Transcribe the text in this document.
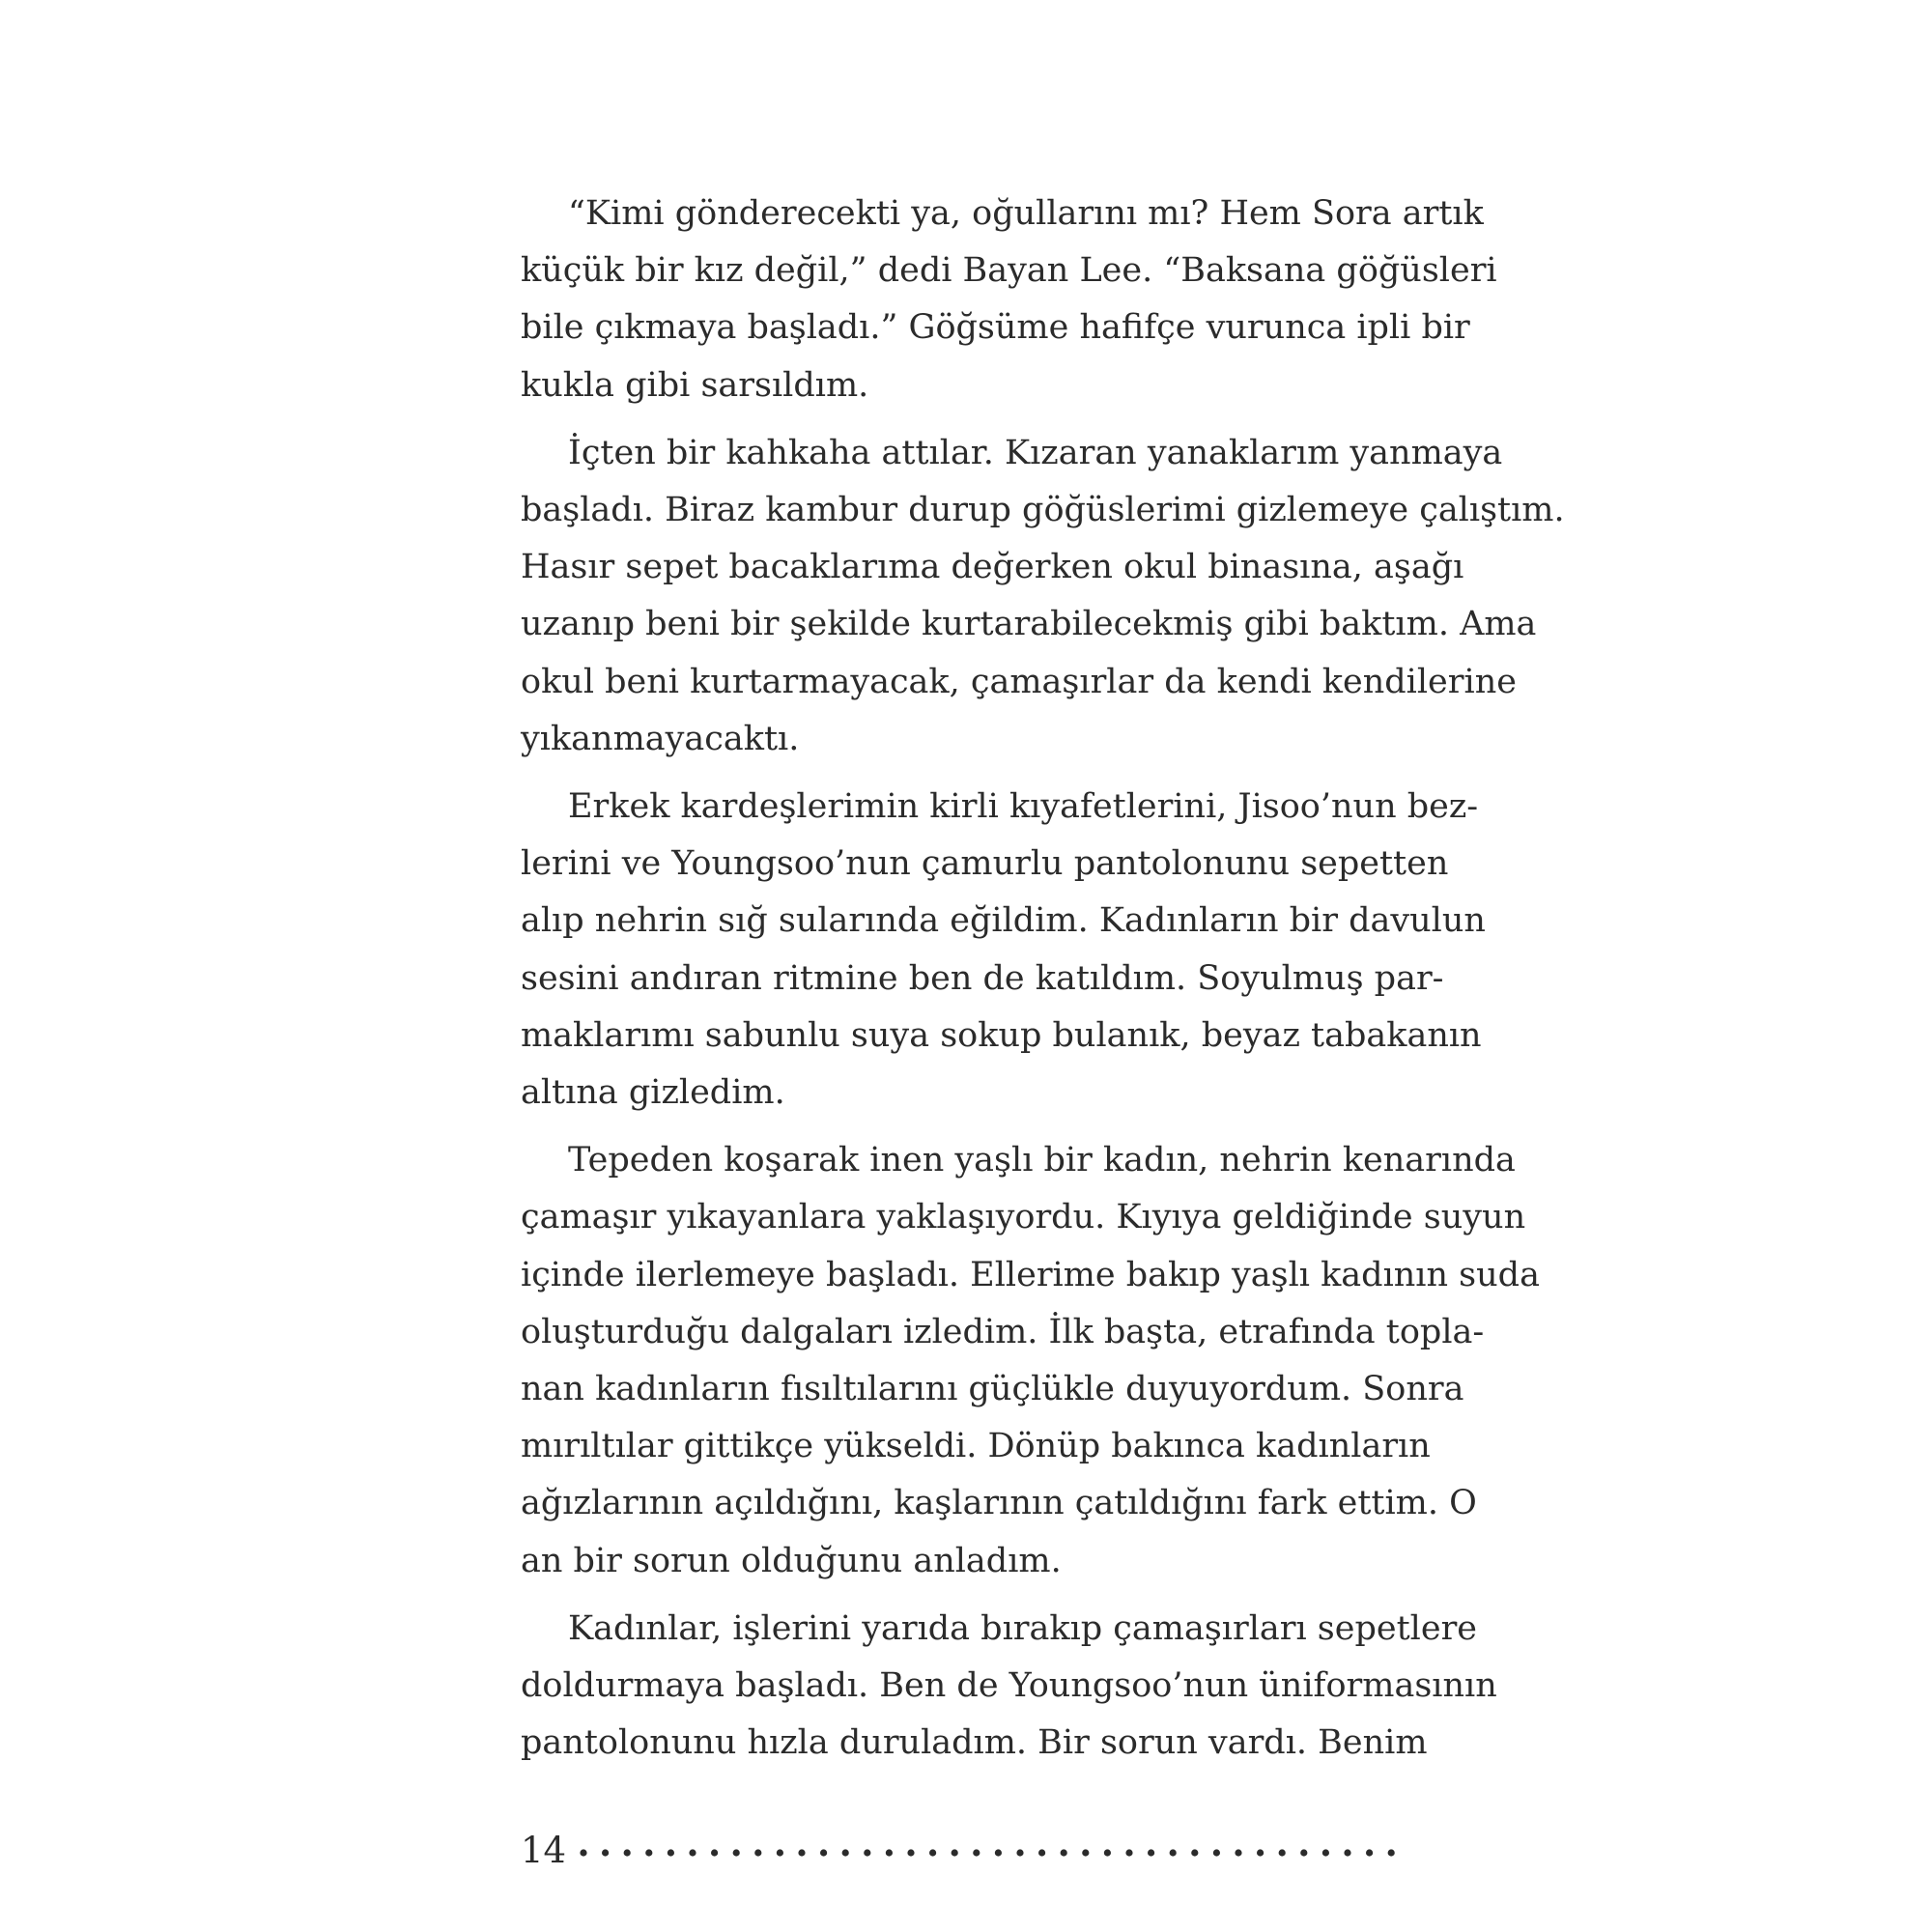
“Kimi gönderecekti ya, oğullarını mı? Hem Sora artık
küçük bir kız değil,” dedi Bayan Lee. “Baksana göğüsleri
bile çıkmaya başladı.” Göğsüme hafifçe vurunca ipli bir
kukla gibi sarsıldım.

İçten bir kahkaha attılar. Kızaran yanaklarım yanmaya
başladı. Biraz kambur durup göğüslerimi gizlemeye çalıştım.
Hasır sepet bacaklarıma değerken okul binasına, aşağı
uzanıp beni bir şekilde kurtarabilecekmiş gibi baktım. Ama
okul beni kurtarmayacak, çamaşırlar da kendi kendilerine
yıkanmayacaktı.

Erkek kardeşlerimin kirli kıyafetlerini, Jisoo’nun bez-
lerini ve Youngsoo’nun çamurlu pantolonunu sepetten
alıp nehrin sığ sularında eğildim. Kadınların bir davulun
sesini andıran ritmine ben de katıldım. Soyulmuş par-
maklarımı sabunlu suya sokup bulanık, beyaz tabakanın
altına gizledim.

Tepeden koşarak inen yaşlı bir kadın, nehrin kenarında
çamaşır yıkayanlara yaklaşıyordu. Kıyıya geldiğinde suyun
içinde ilerlemeye başladı. Ellerime bakıp yaşlı kadının suda
oluşturduğu dalgaları izledim. İlk başta, etrafında topla-
nan kadınların fısıltılarını güçlükle duyuyordum. Sonra
mırıltılar gittikçe yükseldi. Dönüp bakınca kadınların
ağızlarının açıldığını, kaşlarının çatıldığını fark ettim. O
an bir sorun olduğunu anladım.

Kadınlar, işlerini yarıda bırakıp çamaşırları sepetlere
doldurmaya başladı. Ben de Youngsoo’nun üniformasının
pantolonunu hızla duruladım. Bir sorun vardı. Benim

14
